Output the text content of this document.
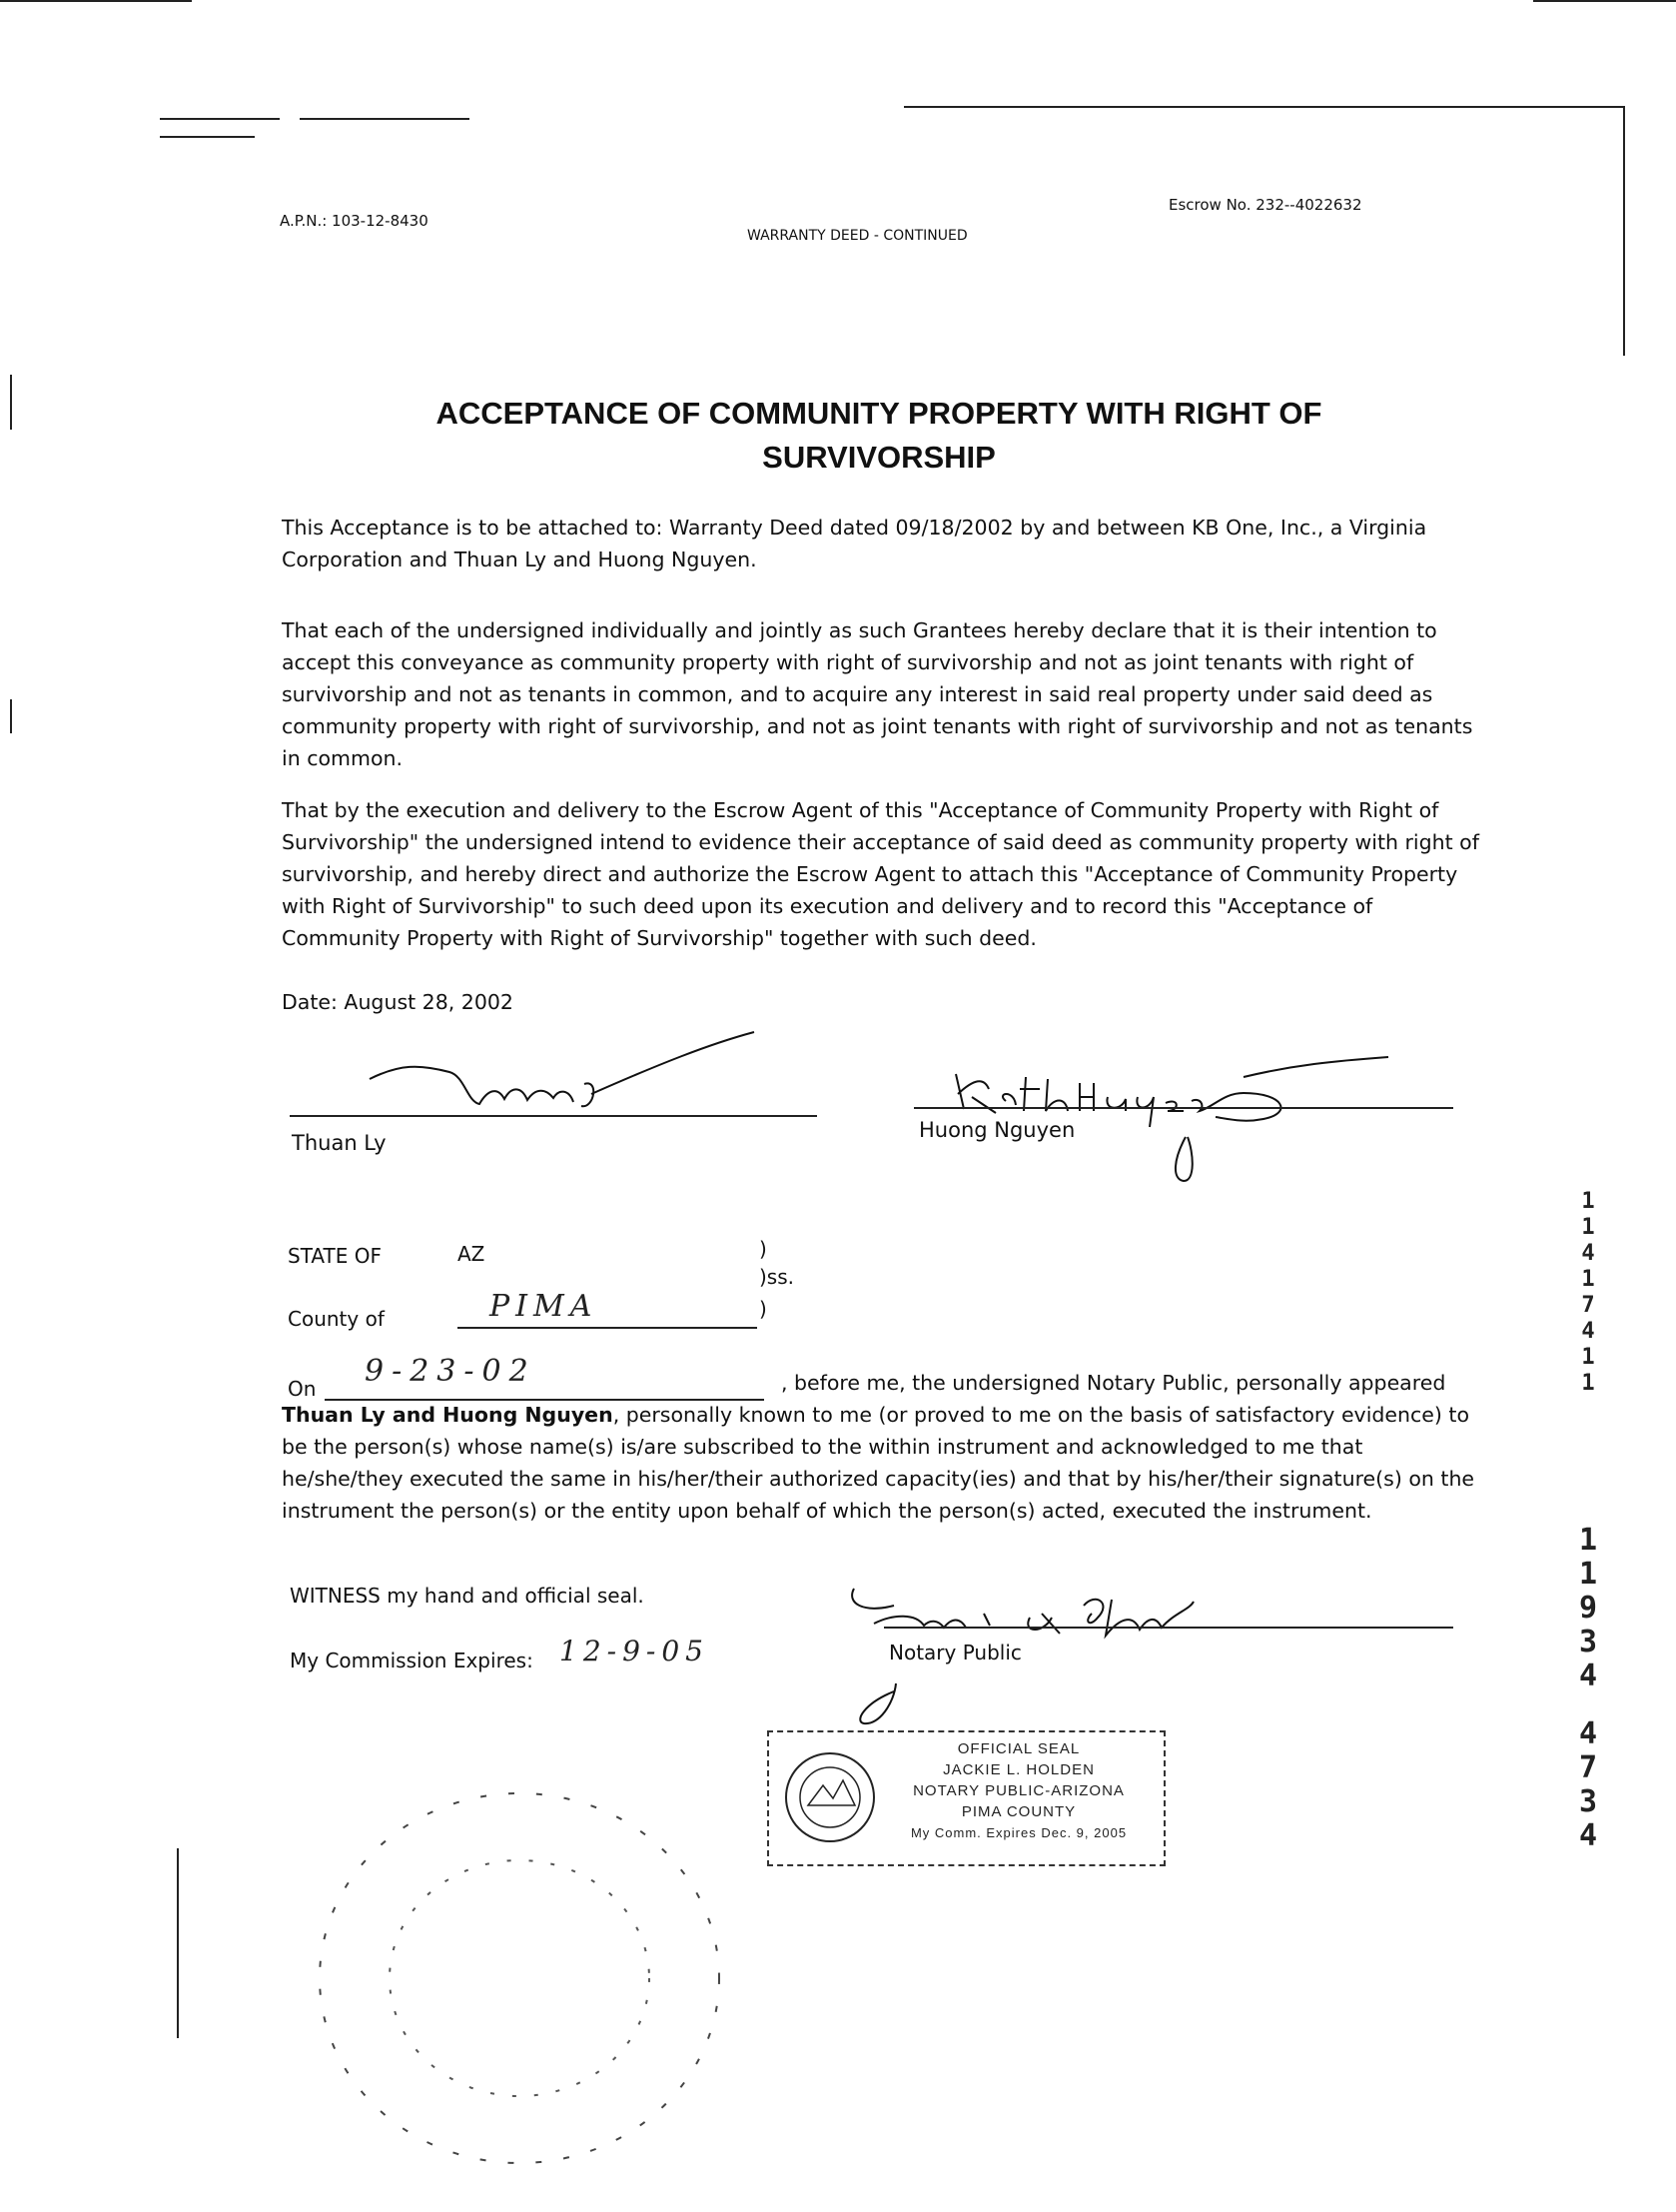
A.P.N.: 103-12-8430
WARRANTY DEED - CONTINUED
Escrow No. 232--4022632
ACCEPTANCE OF COMMUNITY PROPERTY WITH RIGHT OF
SURVIVORSHIP
This Acceptance is to be attached to: Warranty Deed dated 09/18/2002 by and between KB One, Inc., a Virginia Corporation and Thuan Ly and Huong Nguyen.
That each of the undersigned individually and jointly as such Grantees hereby declare that it is their intention to accept this conveyance as community property with right of survivorship and not as joint tenants with right of survivorship and not as tenants in common, and to acquire any interest in said real property under said deed as community property with right of survivorship, and not as joint tenants with right of survivorship and not as tenants in common.
That by the execution and delivery to the Escrow Agent of this "Acceptance of Community Property with Right of Survivorship" the undersigned intend to evidence their acceptance of said deed as community property with right of survivorship, and hereby direct and authorize the Escrow Agent to attach this "Acceptance of Community Property with Right of Survivorship" to such deed upon its execution and delivery and to record this "Acceptance of Community Property with Right of Survivorship" together with such deed.
Date: August 28, 2002
Thuan Ly
Huong Nguyen
STATE OF	AZ	)
)ss.
)
County of	PIMA
On 9-23-02	, before me, the undersigned Notary Public, personally appeared Thuan Ly and Huong Nguyen, personally known to me (or proved to me on the basis of satisfactory evidence) to be the person(s) whose name(s) is/are subscribed to the within instrument and acknowledged to me that he/she/they executed the same in his/her/their authorized capacity(ies) and that by his/her/their signature(s) on the instrument the person(s) or the entity upon behalf of which the person(s) acted, executed the instrument.
WITNESS my hand and official seal.
My Commission Expires: 12-9-05	Notary Public
OFFICIAL SEAL
JACKIE L. HOLDEN
NOTARY PUBLIC-ARIZONA
PIMA COUNTY
My Comm. Expires Dec. 9, 2005
1
1
4
1
7
4
1
1
1
1
9
3
4
4
7
3
4
